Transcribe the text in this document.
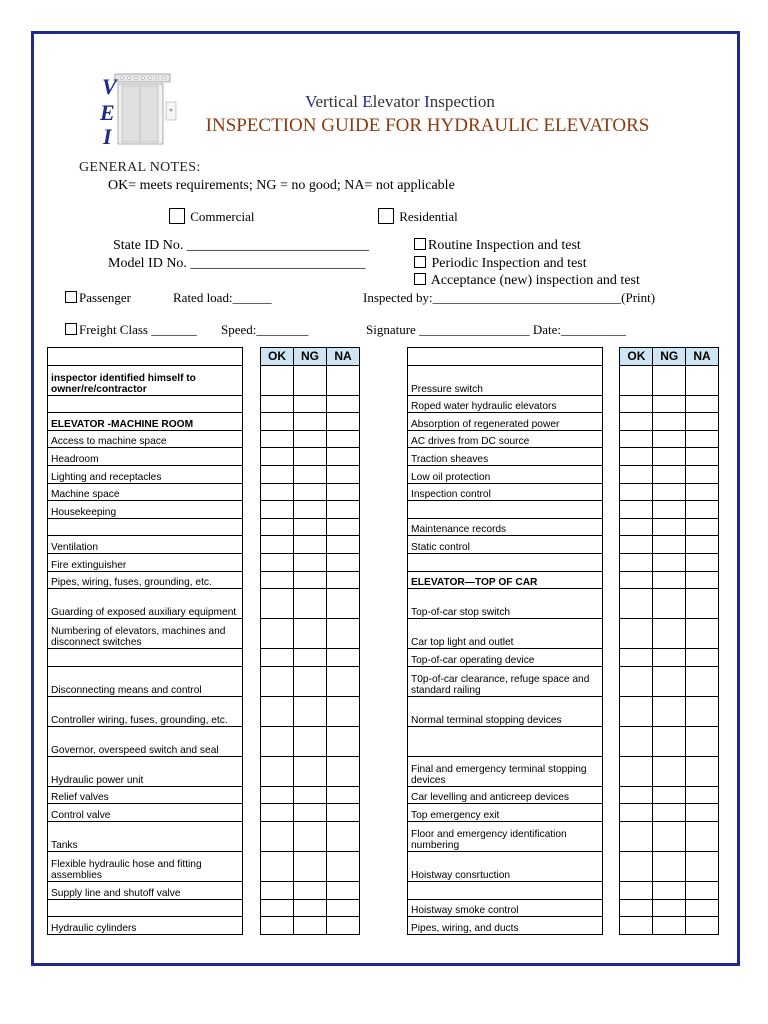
V
E
I
Vertical Elevator Inspection
INSPECTION GUIDE FOR HYDRAULIC ELEVATORS
GENERAL NOTES:
OK= meets requirements; NG = no good; NA= not applicable
Commercial	Residential
State ID No. __________________________
Model ID No. _________________________
Routine Inspection and test
Periodic Inspection and test
Acceptance (new) inspection and test
Passenger	Rated load:______	Inspected by:_____________________________(Print)
Freight Class _______ Speed:________	Signature _________________ Date:__________
		OK	NG	NA
inspector identified himself to owner/re/contractor				

ELEVATOR -MACHINE ROOM				
Access to machine space				
Headroom				
Lighting and receptacles				
Machine space				
Housekeeping				

Ventilation				
Fire extinguisher				
Pipes, wiring, fuses, grounding, etc.				
Guarding of exposed auxiliary equipment				
Numbering of elevators, machines and disconnect switches				

Disconnecting means and control				
Controller wiring, fuses, grounding, etc.				
Governor, overspeed switch and seal				
Hydraulic power unit				
Relief valves				
Control valve				
Tanks				
Flexible hydraulic hose and fitting assemblies				
Supply line and shutoff valve				

Hydraulic cylinders				
		OK	NG	NA
Pressure switch				
Roped water hydraulic elevators				
Absorption of regenerated power				
AC drives from DC source				
Traction sheaves				
Low oil protection				
Inspection control				

Maintenance records				
Static control				

ELEVATOR—TOP OF CAR				
Top-of-car stop switch				
Car top light and outlet				
Top-of-car operating device				
T0p-of-car clearance, refuge space and standard railing				
Normal terminal stopping devices				

Final and emergency terminal stopping devices				
Car levelling and anticreep devices				
Top emergency exit				
Floor and emergency identification numbering				
Hoistway consrtuction				

Hoistway smoke control				
Pipes, wiring, and ducts				
